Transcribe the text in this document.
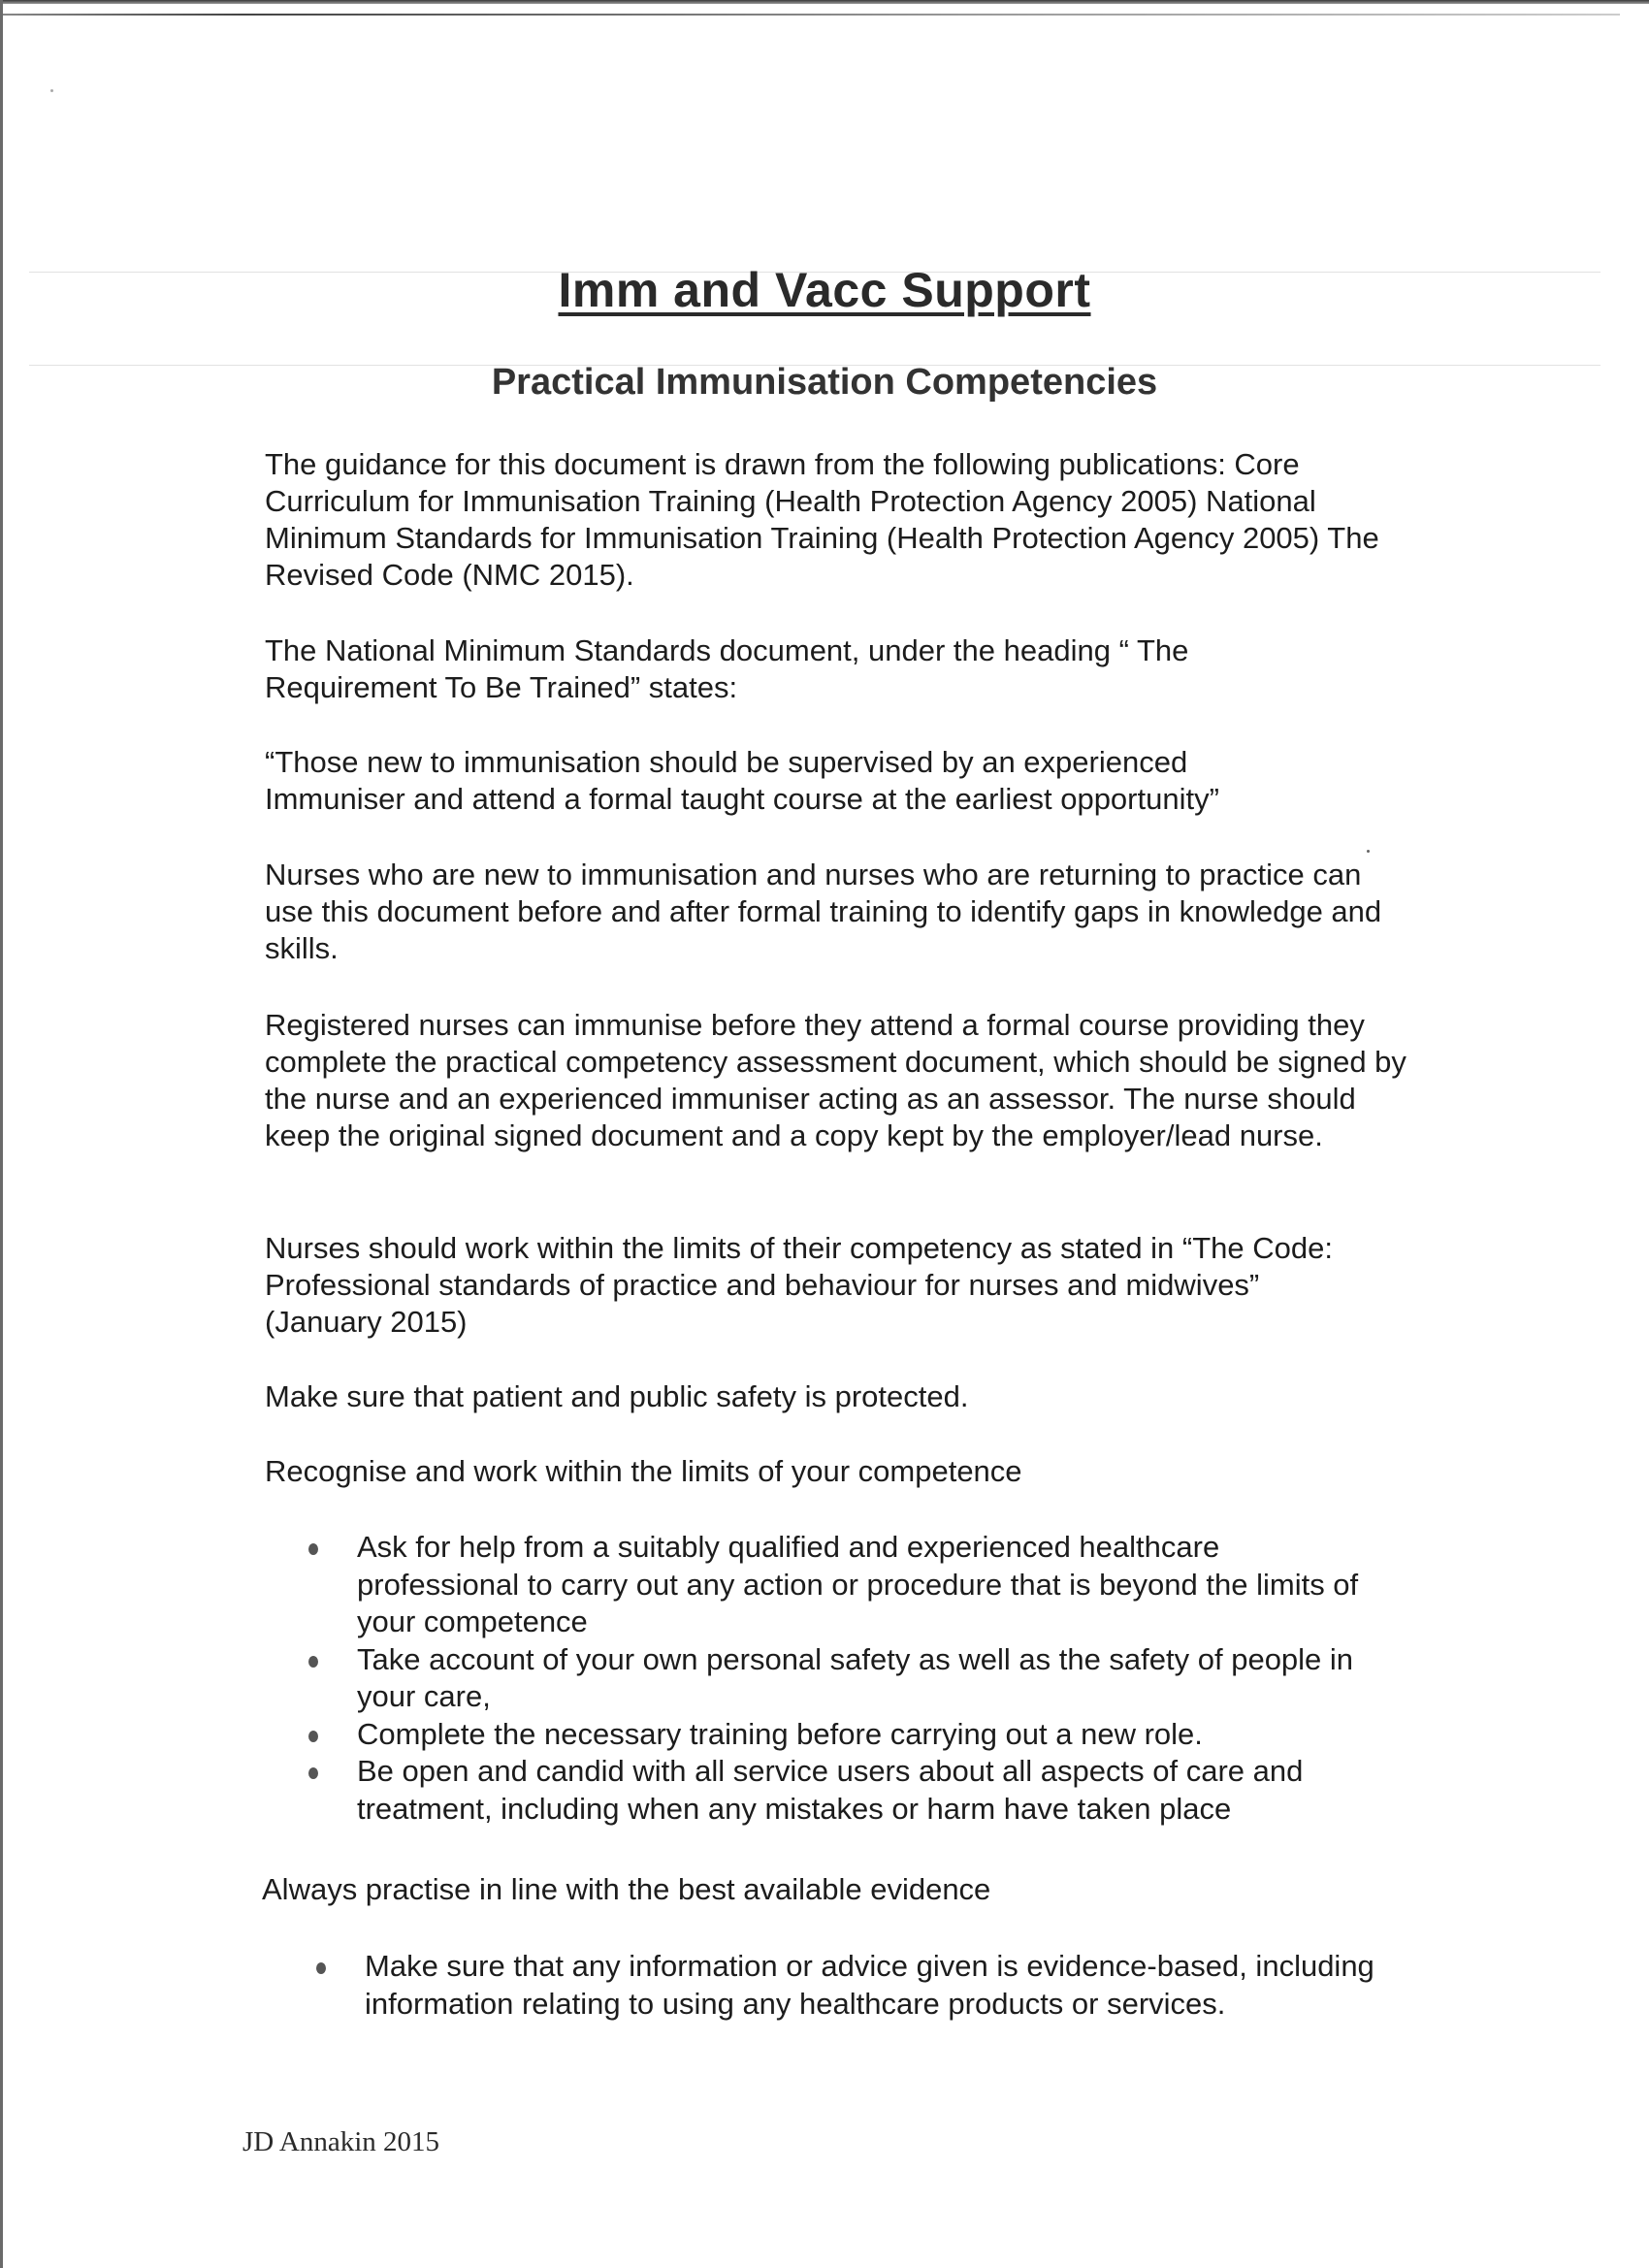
Imm and Vacc Support
Practical Immunisation Competencies

The guidance for this document is drawn from the following publications: Core Curriculum for Immunisation Training (Health Protection Agency 2005) National Minimum Standards for Immunisation Training (Health Protection Agency 2005) The Revised Code (NMC 2015).

The National Minimum Standards document, under the heading “ The Requirement To Be Trained” states:

“Those new to immunisation should be supervised by an experienced Immuniser and attend a formal taught course at the earliest opportunity”

Nurses who are new to immunisation and nurses who are returning to practice can use this document before and after formal training to identify gaps in knowledge and skills.

Registered nurses can immunise before they attend a formal course providing they complete the practical competency assessment document, which should be signed by the nurse and an experienced immuniser acting as an assessor. The nurse should keep the original signed document and a copy kept by the employer/lead nurse.

Nurses should work within the limits of their competency as stated in “The Code: Professional standards of practice and behaviour for nurses and midwives” (January 2015)

Make sure that patient and public safety is protected.

Recognise and work within the limits of your competence

Ask for help from a suitably qualified and experienced healthcare professional to carry out any action or procedure that is beyond the limits of your competence
Take account of your own personal safety as well as the safety of people in your care,
Complete the necessary training before carrying out a new role.
Be open and candid with all service users about all aspects of care and treatment, including when any mistakes or harm have taken place

Always practise in line with the best available evidence

Make sure that any information or advice given is evidence-based, including information relating to using any healthcare products or services.
JD Annakin 2015
